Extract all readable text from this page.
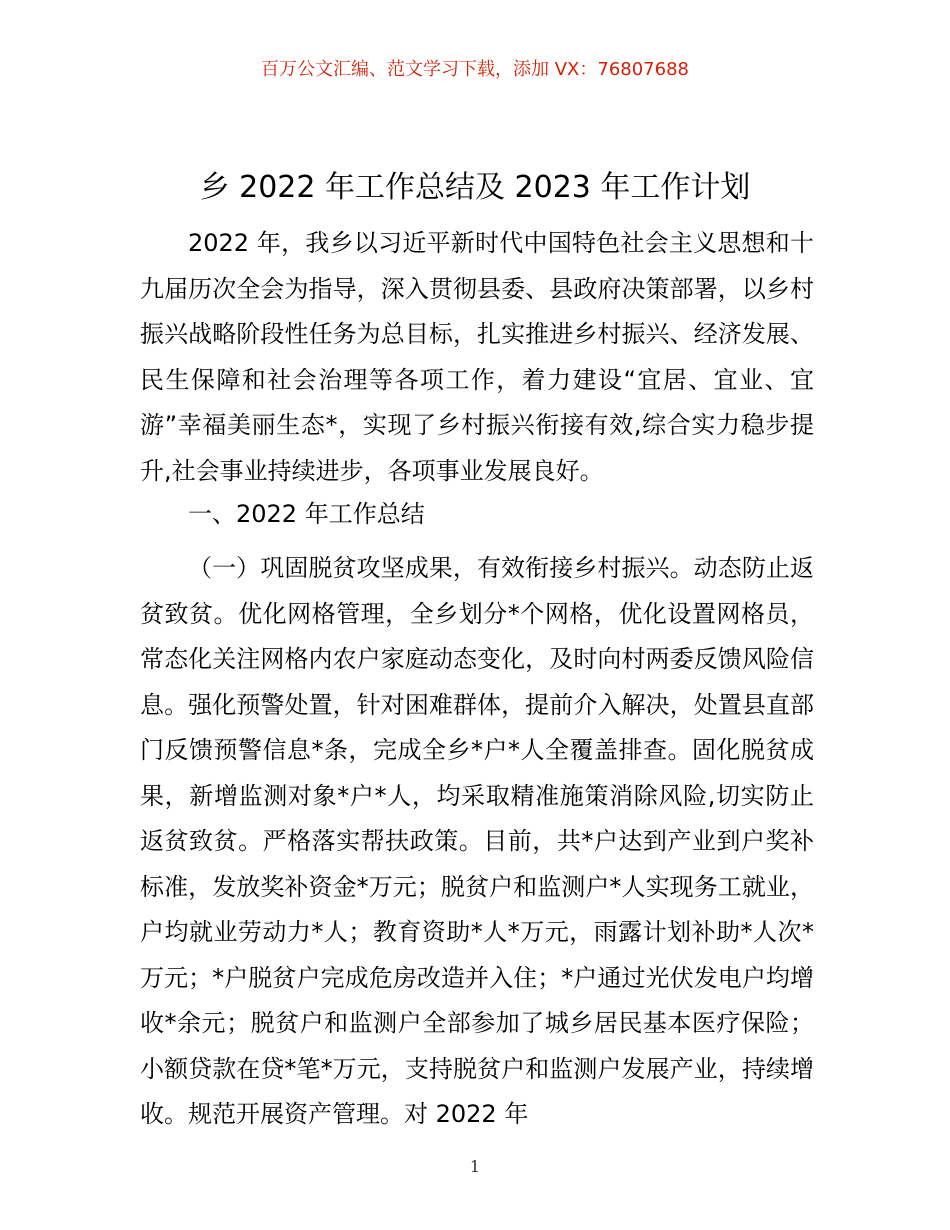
百万公文汇编、范文学习下载，添加 VX：76807688
乡 2022 年工作总结及 2023 年工作计划

2022 年，我乡以习近平新时代中国特色社会主义思想和十九届历次全会为指导，深入贯彻县委、县政府决策部署，以乡村振兴战略阶段性任务为总目标，扎实推进乡村振兴、经济发展、民生保障和社会治理等各项工作，着力建设“宜居、宜业、宜游”幸福美丽生态*，实现了乡村振兴衔接有效,综合实力稳步提升,社会事业持续进步，各项事业发展良好。

一、2022 年工作总结

（一）巩固脱贫攻坚成果，有效衔接乡村振兴。动态防止返贫致贫。优化网格管理，全乡划分*个网格，优化设置网格员，常态化关注网格内农户家庭动态变化，及时向村两委反馈风险信息。强化预警处置，针对困难群体，提前介入解决，处置县直部门反馈预警信息*条，完成全乡*户*人全覆盖排查。固化脱贫成果，新增监测对象*户*人，均采取精准施策消除风险,切实防止返贫致贫。严格落实帮扶政策。目前，共*户达到产业到户奖补标准，发放奖补资金*万元；脱贫户和监测户*人实现务工就业，户均就业劳动力*人；教育资助*人*万元，雨露计划补助*人次*万元；*户脱贫户完成危房改造并入住；*户通过光伏发电户均增收*余元；脱贫户和监测户全部参加了城乡居民基本医疗保险；小额贷款在贷*笔*万元，支持脱贫户和监测户发展产业，持续增收。规范开展资产管理。对 2022 年

1
